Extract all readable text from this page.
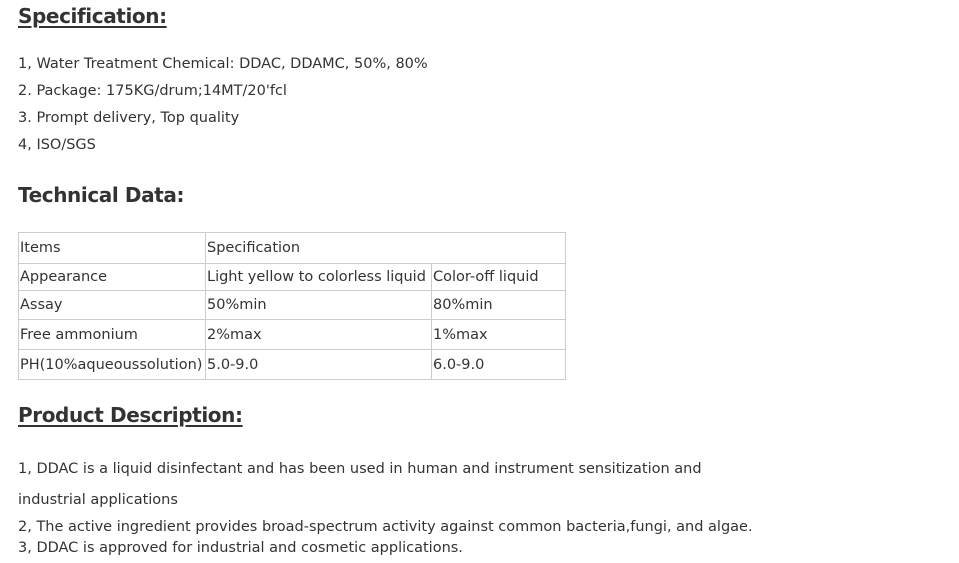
Specification:

1, Water Treatment Chemical: DDAC, DDAMC, 50%, 80%

2. Package: 175KG/drum;14MT/20'fcl

3. Prompt delivery, Top quality

4, ISO/SGS

Technical Data:
Items	Specification	
Appearance	Light yellow to colorless liquid	Color-off liquid
Assay	50%min	80%min
Free ammonium	2%max	1%max
PH(10%aqueoussolution)	5.0-9.0	6.0-9.0
Product Description:

1, DDAC is a liquid disinfectant and has been used in human and instrument sensitization and

industrial applications

2, The active ingredient provides broad-spectrum activity against common bacteria,fungi, and algae.

3, DDAC is approved for industrial and cosmetic applications.
